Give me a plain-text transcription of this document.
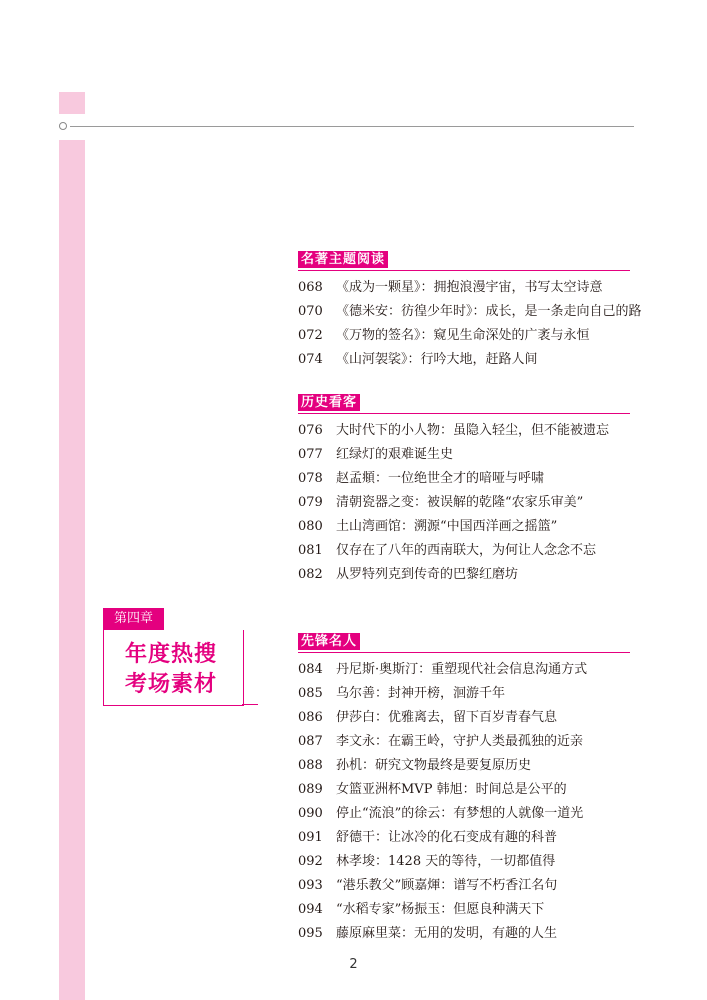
名著主题阅读
068	《成为一颗星》：拥抱浪漫宇宙，书写太空诗意
070	《德米安：彷徨少年时》：成长，是一条走向自己的路
072	《万物的签名》：窥见生命深处的广袤与永恒
074	《山河袈裟》：行吟大地，赶路人间
历史看客
076	大时代下的小人物：虽隐入轻尘，但不能被遗忘
077	红绿灯的艰难诞生史
078	赵孟頫：一位绝世全才的喑哑与呼啸
079	清朝瓷器之变：被误解的乾隆“农家乐审美”
080	土山湾画馆：溯源“中国西洋画之摇篮”
081	仅存在了八年的西南联大，为何让人念念不忘
082	从罗特列克到传奇的巴黎红磨坊
第四章
年度热搜
考场素材
先锋名人
084	丹尼斯·奥斯汀：重塑现代社会信息沟通方式
085	乌尔善：封神开榜，洄游千年
086	伊莎白：优雅离去，留下百岁青春气息
087	李文永：在霸王岭，守护人类最孤独的近亲
088	孙机：研究文物最终是要复原历史
089	女篮亚洲杯MVP 韩旭：时间总是公平的
090	停止“流浪”的徐云：有梦想的人就像一道光
091	舒德干：让冰冷的化石变成有趣的科普
092	林孝埈：1428 天的等待，一切都值得
093	“港乐教父”顾嘉煇：谱写不朽香江名句
094	“水稻专家”杨振玉：但愿良种满天下
095	藤原麻里菜：无用的发明，有趣的人生
2
